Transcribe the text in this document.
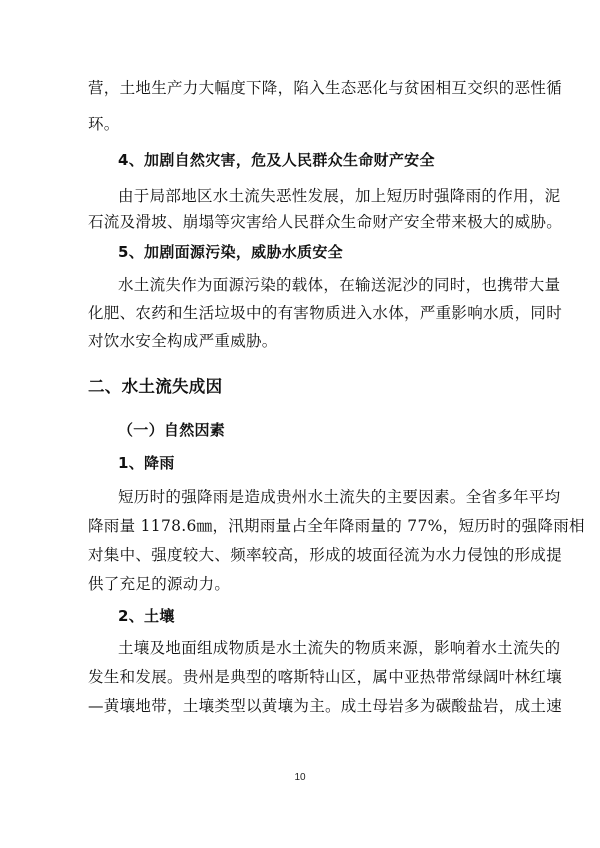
营，土地生产力大幅度下降，陷入生态恶化与贫困相互交织的恶性循
环。
4、加剧自然灾害，危及人民群众生命财产安全
由于局部地区水土流失恶性发展，加上短历时强降雨的作用，泥
石流及滑坡、崩塌等灾害给人民群众生命财产安全带来极大的威胁。
5、加剧面源污染，威胁水质安全
水土流失作为面源污染的载体，在输送泥沙的同时，也携带大量
化肥、农药和生活垃圾中的有害物质进入水体，严重影响水质，同时
对饮水安全构成严重威胁。
二、水土流失成因
（一）自然因素
1、降雨
短历时的强降雨是造成贵州水土流失的主要因素。全省多年平均
降雨量 1178.6㎜，汛期雨量占全年降雨量的 77%，短历时的强降雨相
对集中、强度较大、频率较高，形成的坡面径流为水力侵蚀的形成提
供了充足的源动力。
2、土壤
土壤及地面组成物质是水土流失的物质来源，影响着水土流失的
发生和发展。贵州是典型的喀斯特山区，属中亚热带常绿阔叶林红壤
—黄壤地带，土壤类型以黄壤为主。成土母岩多为碳酸盐岩，成土速
10
